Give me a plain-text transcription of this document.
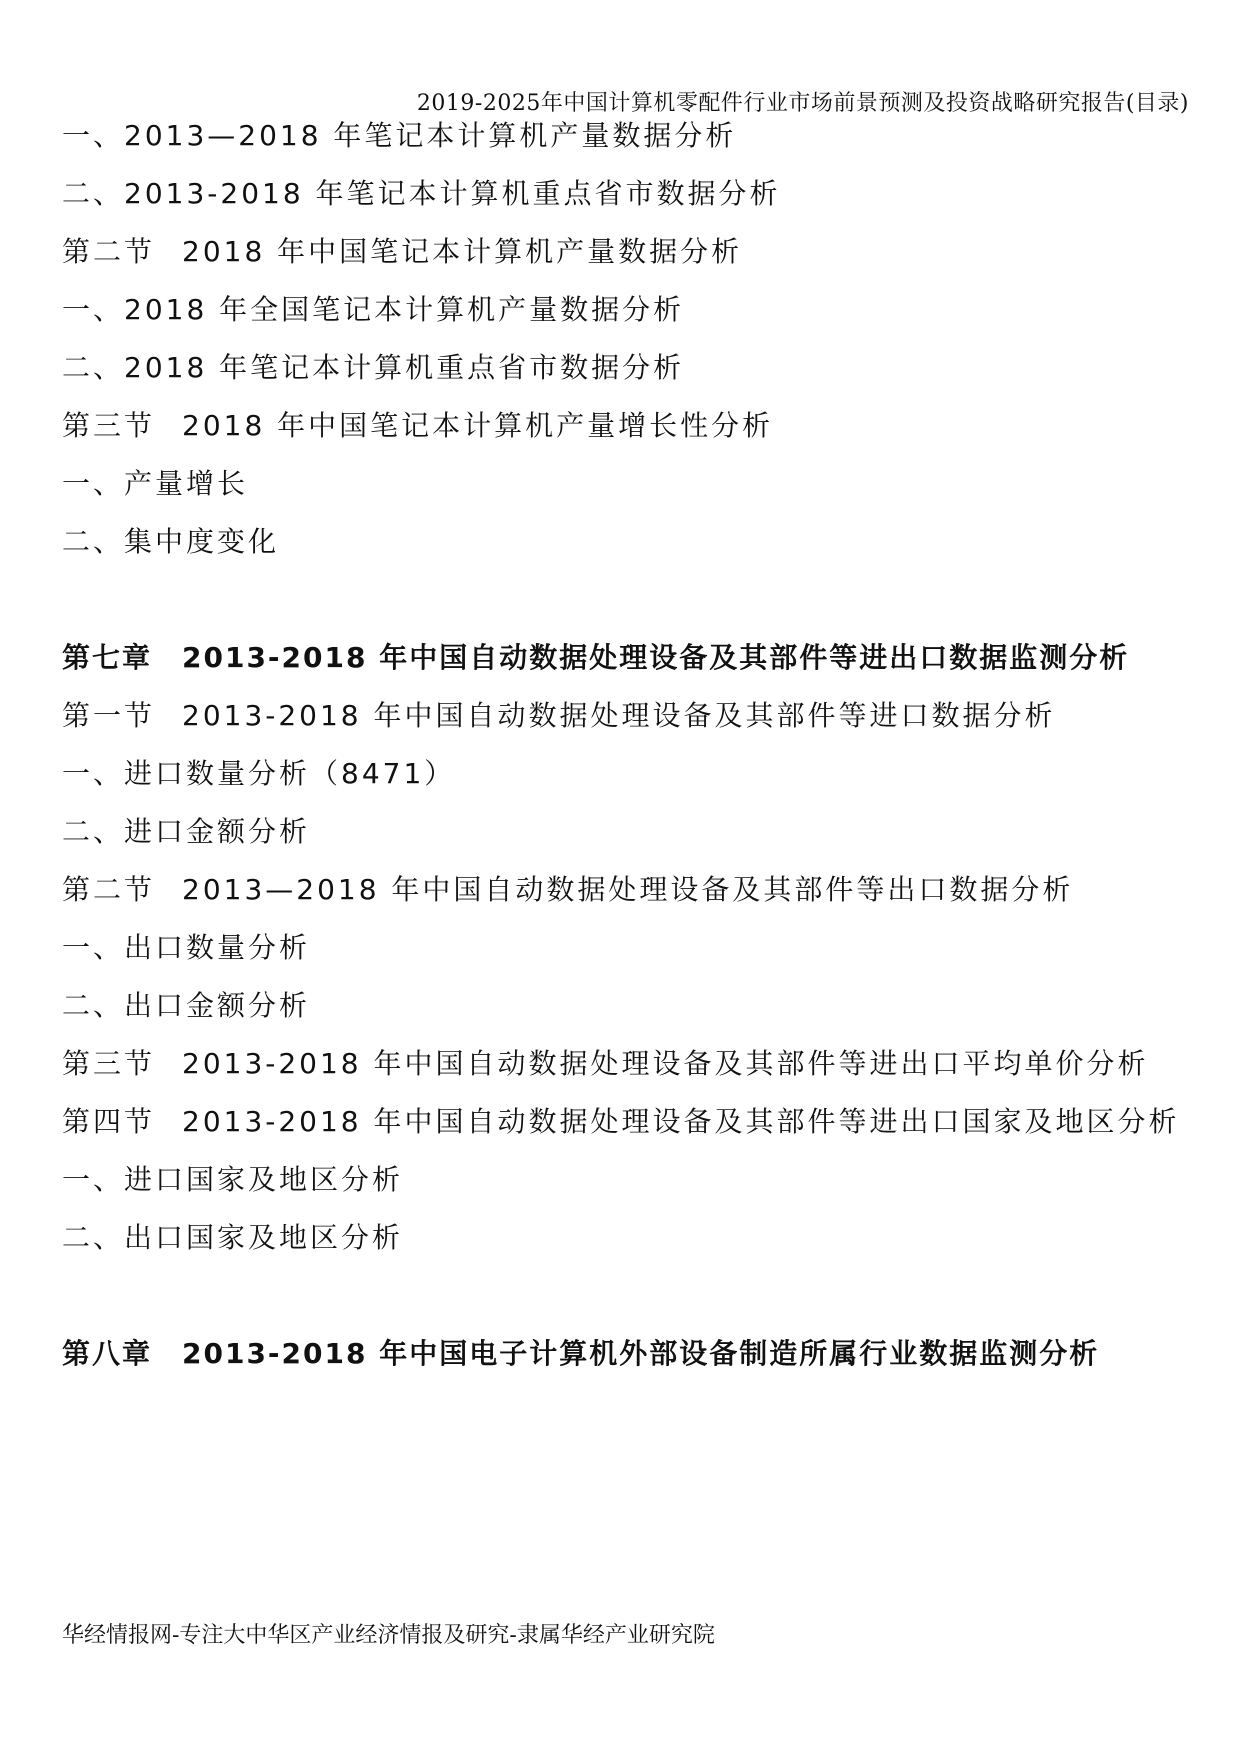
2019-2025年中国计算机零配件行业市场前景预测及投资战略研究报告(目录)
一、2013—2018 年笔记本计算机产量数据分析
二、2013-2018 年笔记本计算机重点省市数据分析
第二节 2018 年中国笔记本计算机产量数据分析
一、2018 年全国笔记本计算机产量数据分析
二、2018 年笔记本计算机重点省市数据分析
第三节 2018 年中国笔记本计算机产量增长性分析
一、产量增长
二、集中度变化
第七章 2013-2018 年中国自动数据处理设备及其部件等进出口数据监测分析
第一节 2013-2018 年中国自动数据处理设备及其部件等进口数据分析
一、进口数量分析（8471）
二、进口金额分析
第二节 2013—2018 年中国自动数据处理设备及其部件等出口数据分析
一、出口数量分析
二、出口金额分析
第三节 2013-2018 年中国自动数据处理设备及其部件等进出口平均单价分析
第四节 2013-2018 年中国自动数据处理设备及其部件等进出口国家及地区分析
一、进口国家及地区分析
二、出口国家及地区分析
第八章 2013-2018 年中国电子计算机外部设备制造所属行业数据监测分析
华经情报网-专注大中华区产业经济情报及研究-隶属华经产业研究院
